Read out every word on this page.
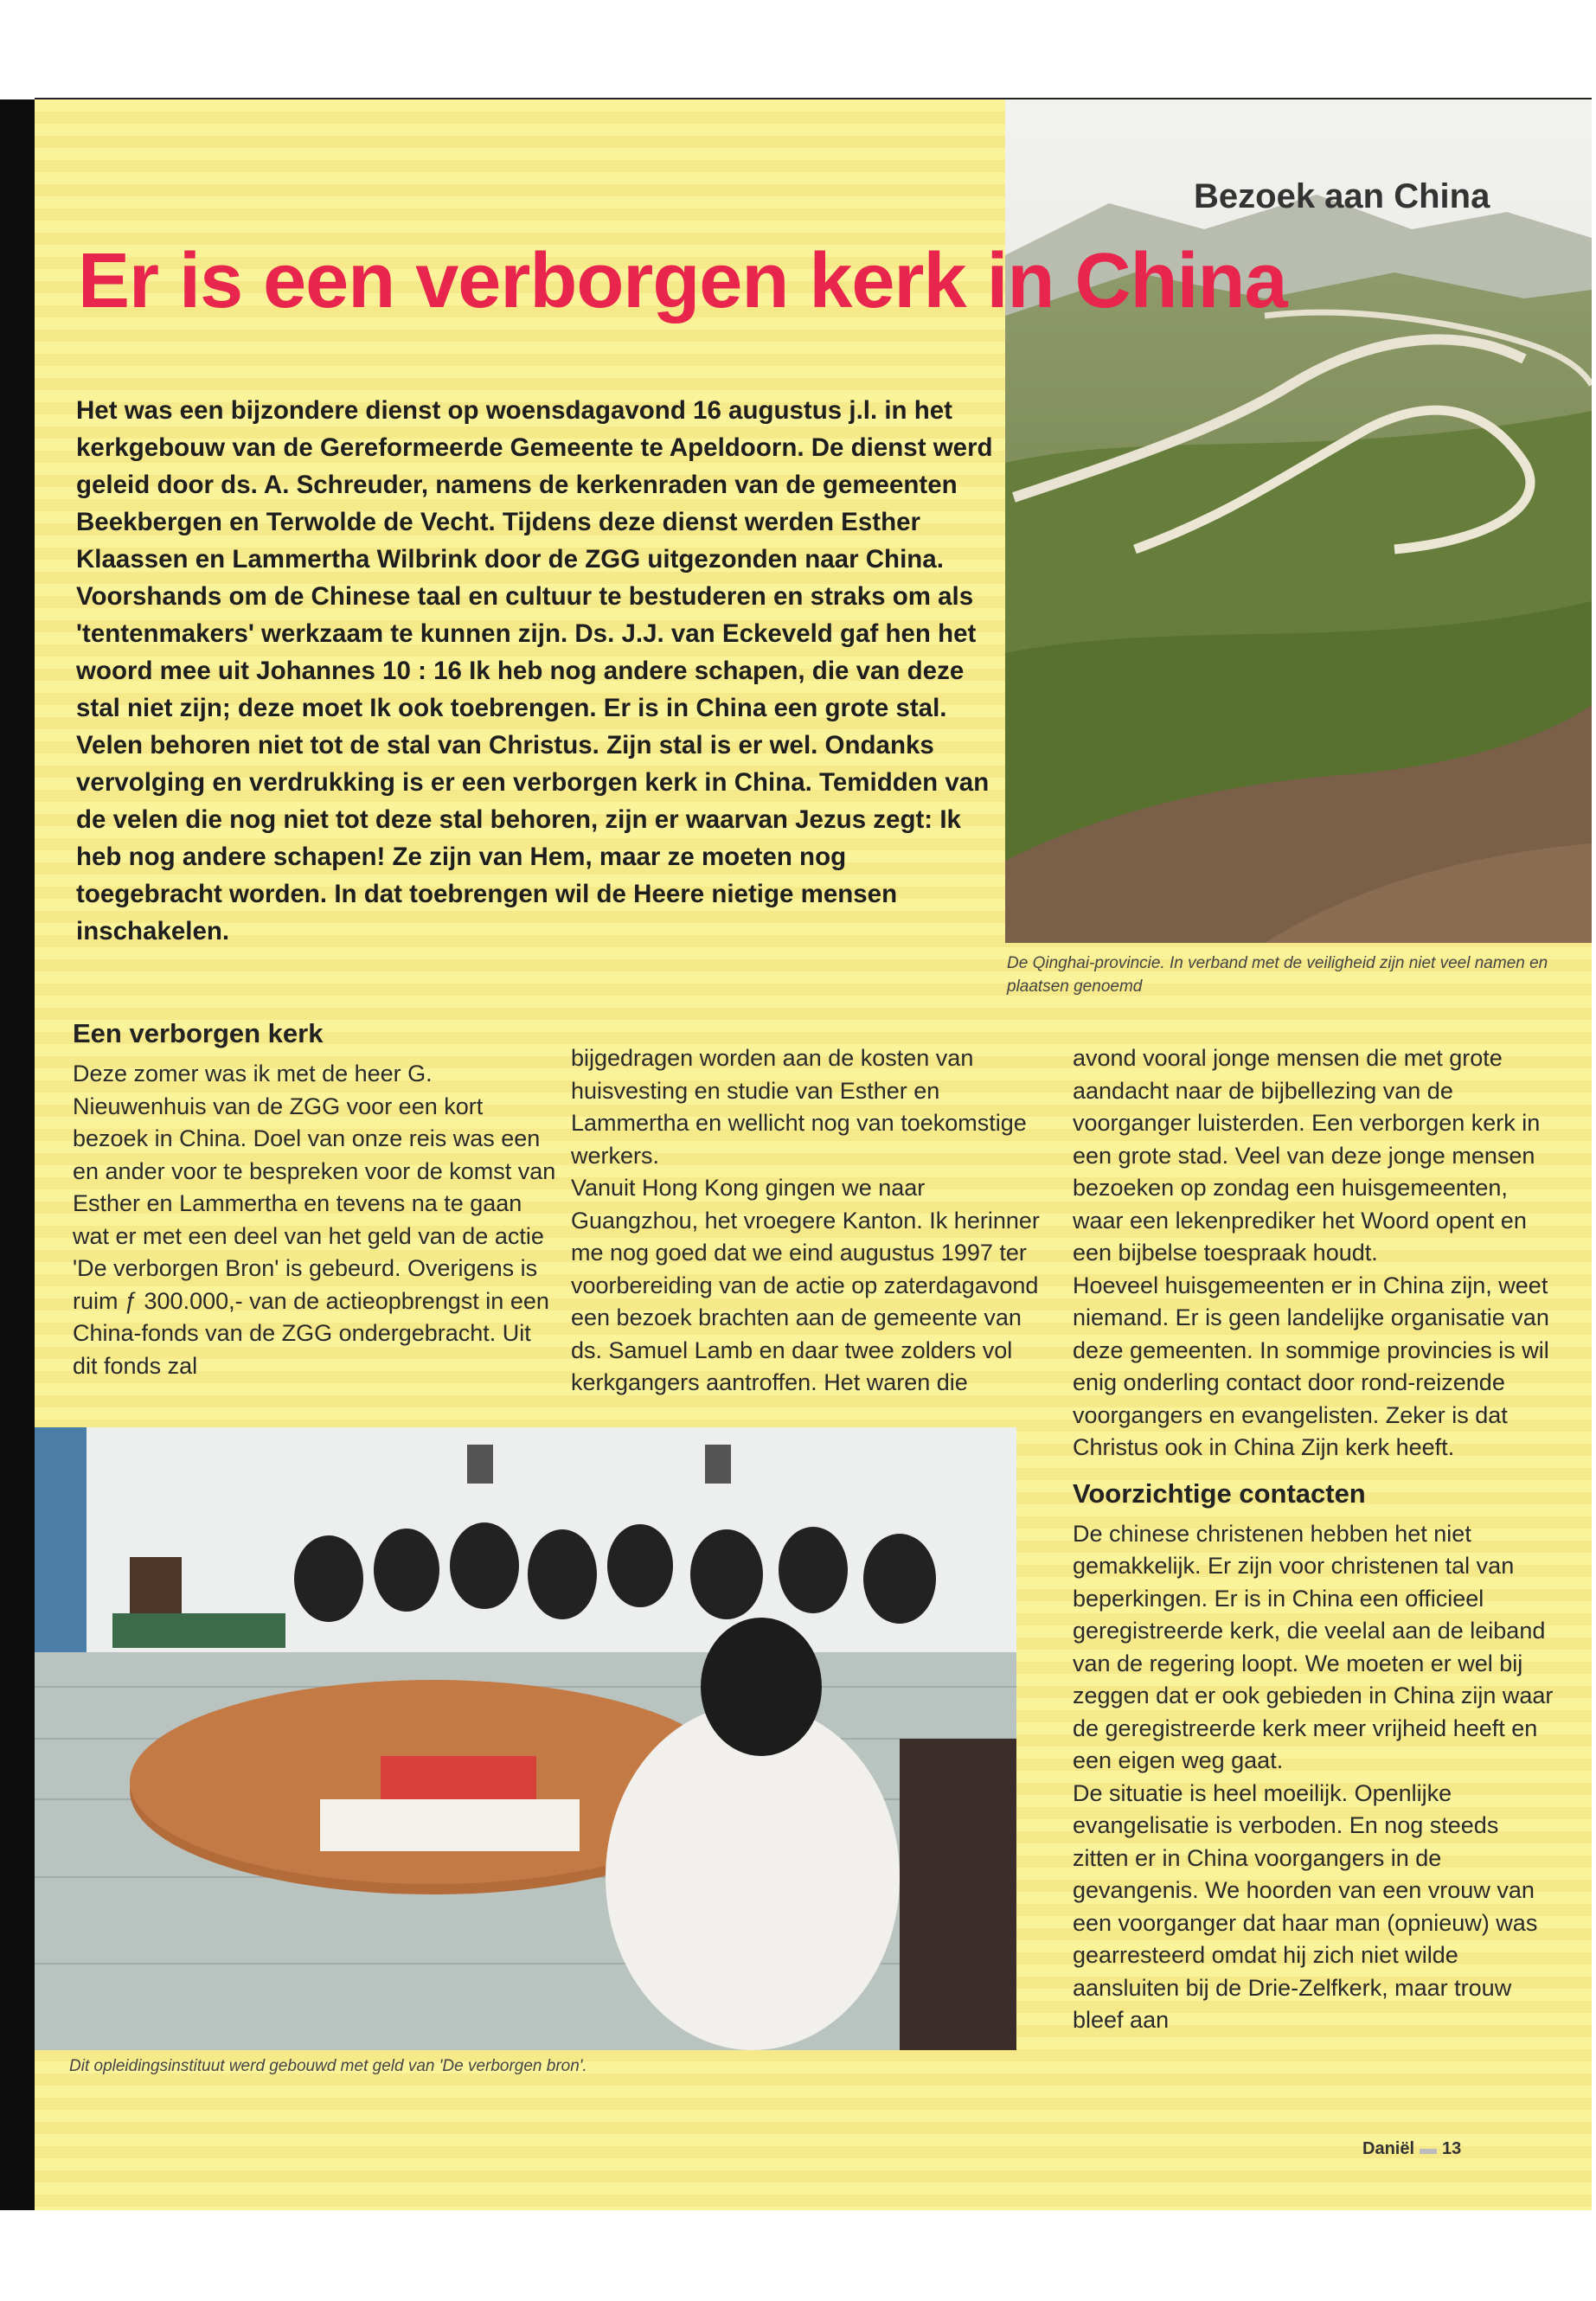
Bezoek aan China
Er is een verborgen kerk in China
Het was een bijzondere dienst op woensdagavond 16 augustus j.l. in het kerkgebouw van de Gereformeerde Gemeente te Apeldoorn. De dienst werd geleid door ds. A. Schreuder, namens de kerkenraden van de gemeenten Beekbergen en Terwolde de Vecht. Tijdens deze dienst werden Esther Klaassen en Lammertha Wilbrink door de ZGG uitgezonden naar China. Voorshands om de Chinese taal en cultuur te bestuderen en straks om als 'tentenmakers' werkzaam te kunnen zijn. Ds. J.J. van Eckeveld gaf hen het woord mee uit Johannes 10 : 16 Ik heb nog andere schapen, die van deze stal niet zijn; deze moet Ik ook toebrengen. Er is in China een grote stal. Velen behoren niet tot de stal van Christus. Zijn stal is er wel. Ondanks vervolging en verdrukking is er een verborgen kerk in China. Temidden van de velen die nog niet tot deze stal behoren, zijn er waarvan Jezus zegt: Ik heb nog andere schapen! Ze zijn van Hem, maar ze moeten nog toegebracht worden. In dat toebrengen wil de Heere nietige mensen inschakelen.
De Qinghai-provincie. In verband met de veiligheid zijn niet veel namen en plaatsen genoemd
Een verborgen kerk

Deze zomer was ik met de heer G. Nieuwenhuis van de ZGG voor een kort bezoek in China. Doel van onze reis was een en ander voor te bespreken voor de komst van Esther en Lammertha en tevens na te gaan wat er met een deel van het geld van de actie 'De verborgen Bron' is gebeurd. Overigens is ruim ƒ 300.000,- van de actieopbrengst in een China-fonds van de ZGG ondergebracht. Uit dit fonds zal

bijgedragen worden aan de kosten van huisvesting en studie van Esther en Lammertha en wellicht nog van toekomstige werkers.

Vanuit Hong Kong gingen we naar Guangzhou, het vroegere Kanton. Ik herinner me nog goed dat we eind augustus 1997 ter voorbereiding van de actie op zaterdagavond een bezoek brachten aan de gemeente van ds. Samuel Lamb en daar twee zolders vol kerkgangers aantroffen. Het waren die

avond vooral jonge mensen die met grote aandacht naar de bijbellezing van de voorganger luisterden. Een verborgen kerk in een grote stad. Veel van deze jonge mensen bezoeken op zondag een huisgemeenten, waar een lekenprediker het Woord opent en een bijbelse toespraak houdt.

Hoeveel huisgemeenten er in China zijn, weet niemand. Er is geen landelijke organisatie van deze gemeenten. In sommige provincies is wil enig onderling contact door rond-reizende voorgangers en evangelisten. Zeker is dat Christus ook in China Zijn kerk heeft.

Voorzichtige contacten

De chinese christenen hebben het niet gemakkelijk. Er zijn voor christenen tal van beperkingen. Er is in China een officieel geregistreerde kerk, die veelal aan de leiband van de regering loopt. We moeten er wel bij zeggen dat er ook gebieden in China zijn waar de geregistreerde kerk meer vrijheid heeft en een eigen weg gaat.

De situatie is heel moeilijk. Openlijke evangelisatie is verboden. En nog steeds zitten er in China voorgangers in de gevangenis. We hoorden van een vrouw van een voorganger dat haar man (opnieuw) was gearresteerd omdat hij zich niet wilde aansluiten bij de Drie-Zelfkerk, maar trouw bleef aan

Dit opleidingsinstituut werd gebouwd met geld van 'De verborgen bron'.
Daniël ▬ 13
